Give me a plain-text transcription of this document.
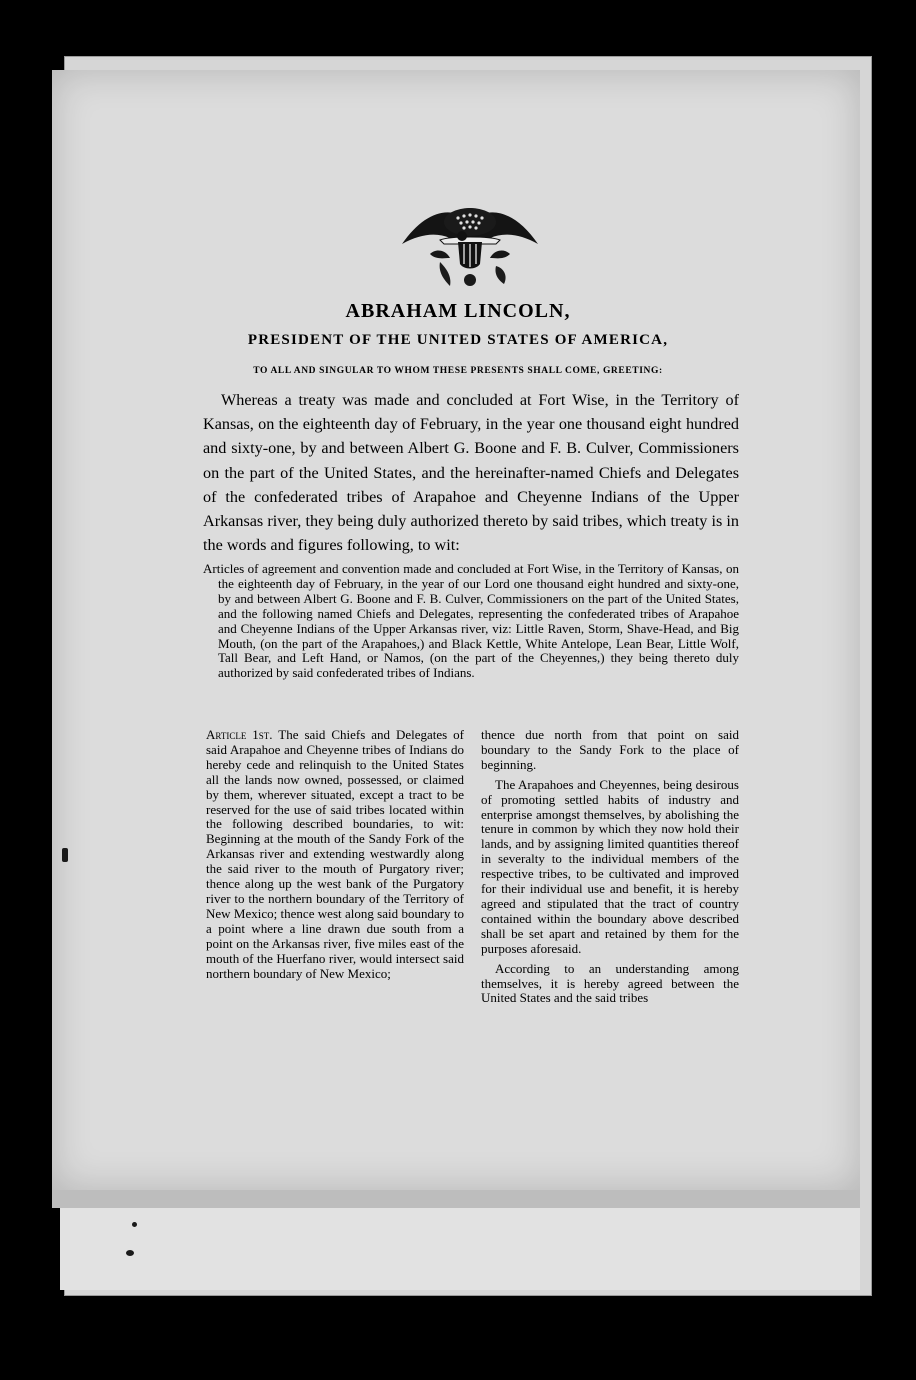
ABRAHAM LINCOLN,
PRESIDENT OF THE UNITED STATES OF AMERICA,
TO ALL AND SINGULAR TO WHOM THESE PRESENTS SHALL COME, GREETING:
Whereas a treaty was made and concluded at Fort Wise, in the Territory of Kansas, on the eighteenth day of February, in the year one thousand eight hundred and sixty-one, by and between Albert G. Boone and F. B. Culver, Commissioners on the part of the United States, and the hereinafter-named Chiefs and Delegates of the confederated tribes of Arapahoe and Cheyenne Indians of the Upper Arkansas river, they being duly authorized thereto by said tribes, which treaty is in the words and figures following, to wit:
Articles of agreement and convention made and concluded at Fort Wise, in the Territory of Kansas, on the eighteenth day of February, in the year of our Lord one thousand eight hundred and sixty-one, by and between Albert G. Boone and F. B. Culver, Commissioners on the part of the United States, and the following named Chiefs and Delegates, representing the confederated tribes of Arapahoe and Cheyenne Indians of the Upper Arkansas river, viz: Little Raven, Storm, Shave-Head, and Big Mouth, (on the part of the Arapahoes,) and Black Kettle, White Antelope, Lean Bear, Little Wolf, Tall Bear, and Left Hand, or Namos, (on the part of the Cheyennes,) they being thereto duly authorized by said confederated tribes of Indians.

Article 1st. The said Chiefs and Delegates of said Arapahoe and Cheyenne tribes of Indians do hereby cede and relinquish to the United States all the lands now owned, possessed, or claimed by them, wherever situated, except a tract to be reserved for the use of said tribes located within the following described boundaries, to wit: Beginning at the mouth of the Sandy Fork of the Arkansas river and extending westwardly along the said river to the mouth of Purgatory river; thence along up the west bank of the Purgatory river to the northern boundary of the Territory of New Mexico; thence west along said boundary to a point where a line drawn due south from a point on the Arkansas river, five miles east of the mouth of the Huerfano river, would intersect said northern boundary of New Mexico;

thence due north from that point on said boundary to the Sandy Fork to the place of beginning.

The Arapahoes and Cheyennes, being desirous of promoting settled habits of industry and enterprise amongst themselves, by abolishing the tenure in common by which they now hold their lands, and by assigning limited quantities thereof in severalty to the individual members of the respective tribes, to be cultivated and improved for their individual use and benefit, it is hereby agreed and stipulated that the tract of country contained within the boundary above described shall be set apart and retained by them for the purposes aforesaid.

According to an understanding among themselves, it is hereby agreed between the United States and the said tribes
